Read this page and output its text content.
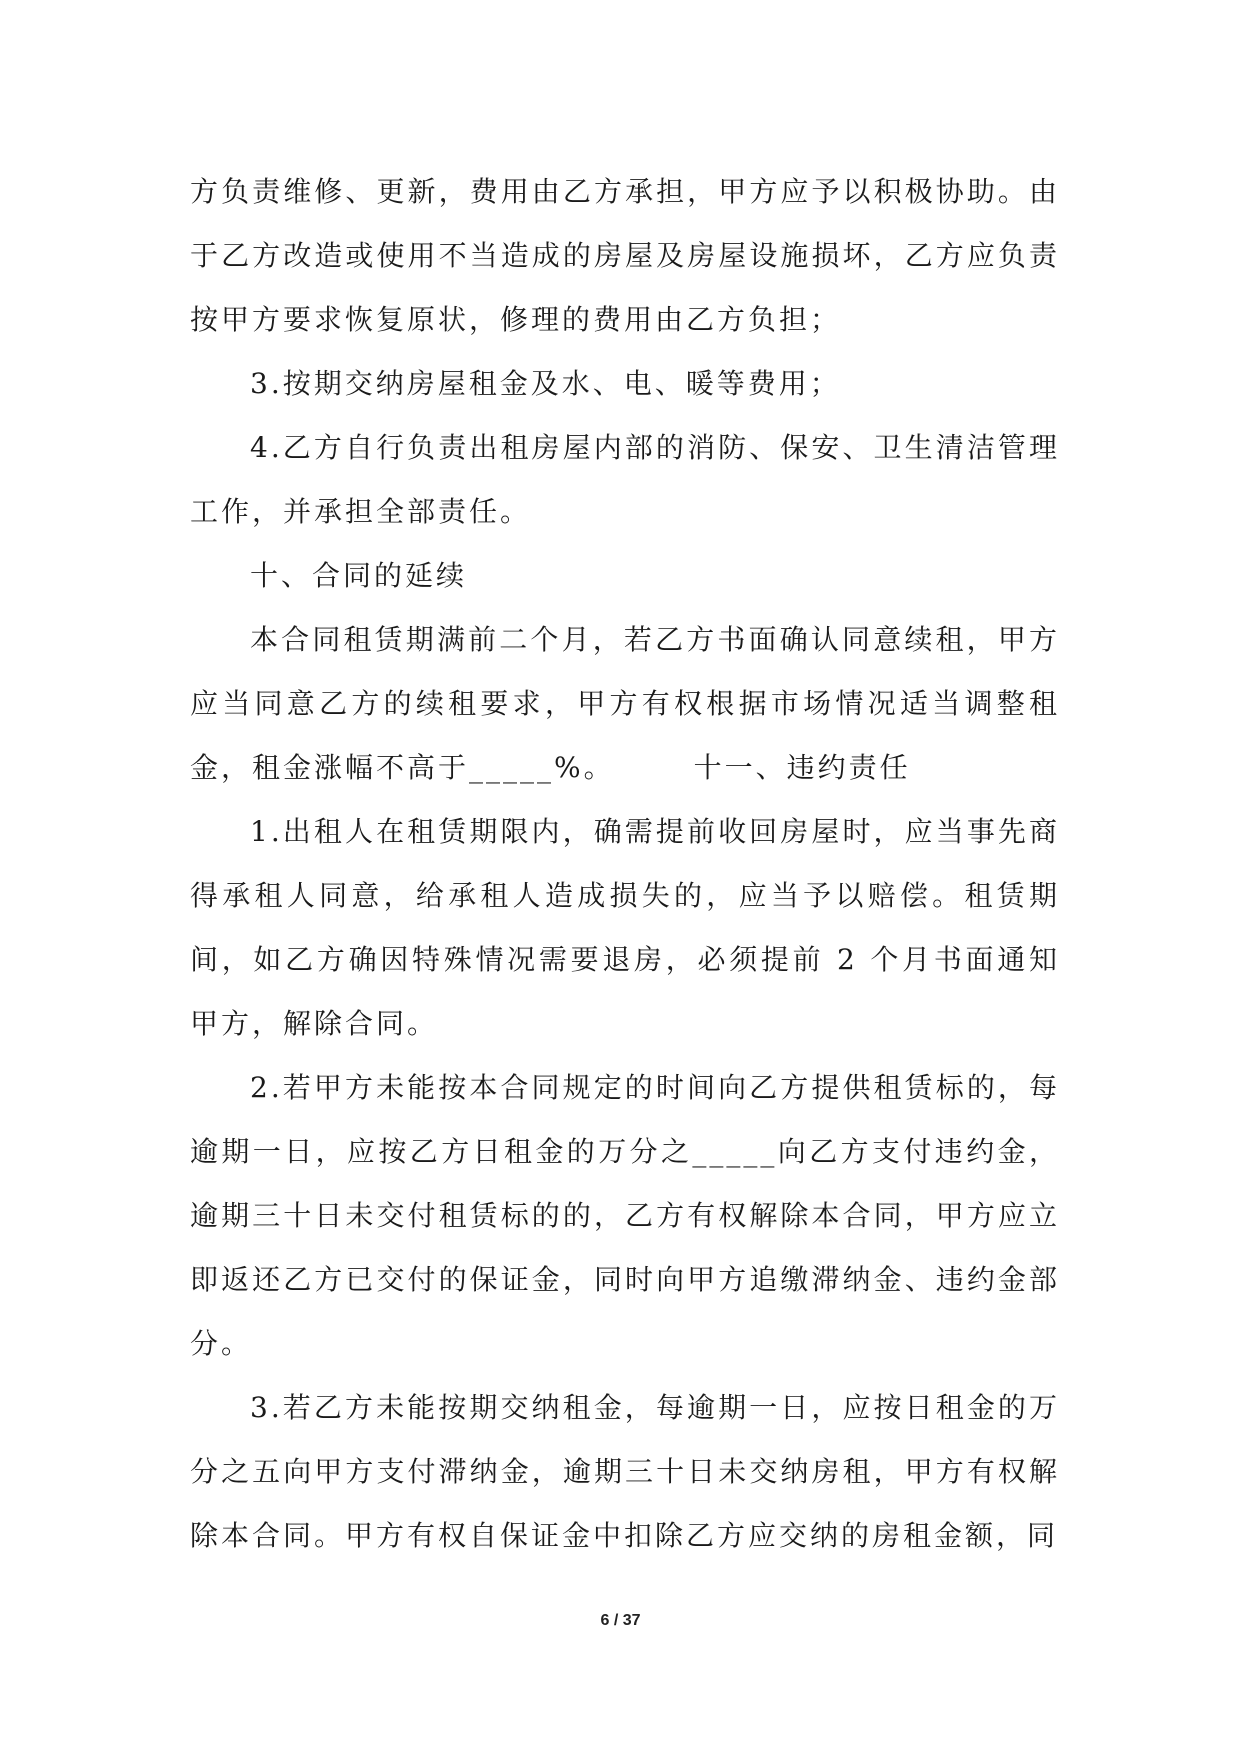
方负责维修、更新，费用由乙方承担，甲方应予以积极协助。由于乙方改造或使用不当造成的房屋及房屋设施损坏，乙方应负责按甲方要求恢复原状，修理的费用由乙方负担；

3.按期交纳房屋租金及水、电、暖等费用；

4.乙方自行负责出租房屋内部的消防、保安、卫生清洁管理工作，并承担全部责任。

十、合同的延续

本合同租赁期满前二个月，若乙方书面确认同意续租，甲方应当同意乙方的续租要求，甲方有权根据市场情况适当调整租金，租金涨幅不高于_____%。　　　十一、违约责任

1.出租人在租赁期限内，确需提前收回房屋时，应当事先商得承租人同意，给承租人造成损失的，应当予以赔偿。租赁期间，如乙方确因特殊情况需要退房，必须提前 2 个月书面通知甲方，解除合同。

2.若甲方未能按本合同规定的时间向乙方提供租赁标的，每逾期一日，应按乙方日租金的万分之_____向乙方支付违约金，逾期三十日未交付租赁标的的，乙方有权解除本合同，甲方应立即返还乙方已交付的保证金，同时向甲方追缴滞纳金、违约金部分。

3.若乙方未能按期交纳租金，每逾期一日，应按日租金的万分之五向甲方支付滞纳金，逾期三十日未交纳房租，甲方有权解除本合同。甲方有权自保证金中扣除乙方应交纳的房租金额，同

6 / 37
